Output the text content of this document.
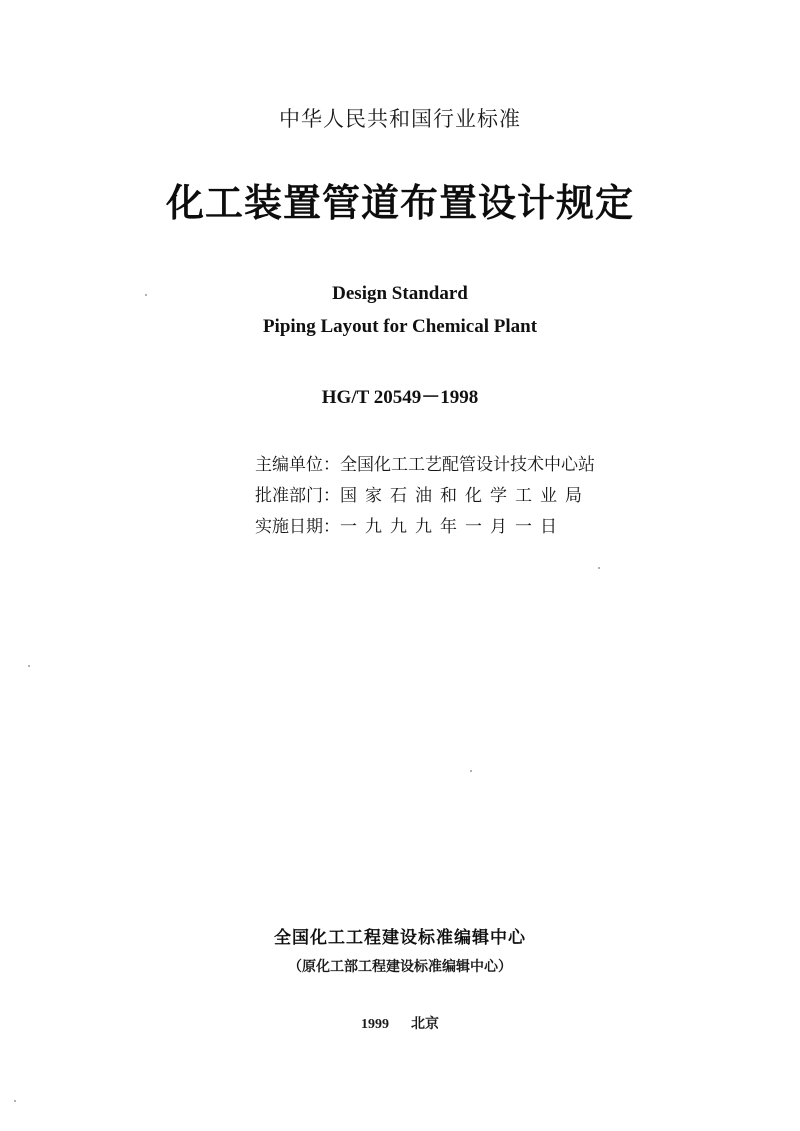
中华人民共和国行业标准
化工装置管道布置设计规定
Design Standard
Piping Layout for Chemical Plant
HG/T 20549－1998
主编单位：全国化工工艺配管设计技术中心站
批准部门：国家石油和化学工业局
实施日期：一九九九年一月一日
全国化工工程建设标准编辑中心
（原化工部工程建设标准编辑中心）
1999 北京
